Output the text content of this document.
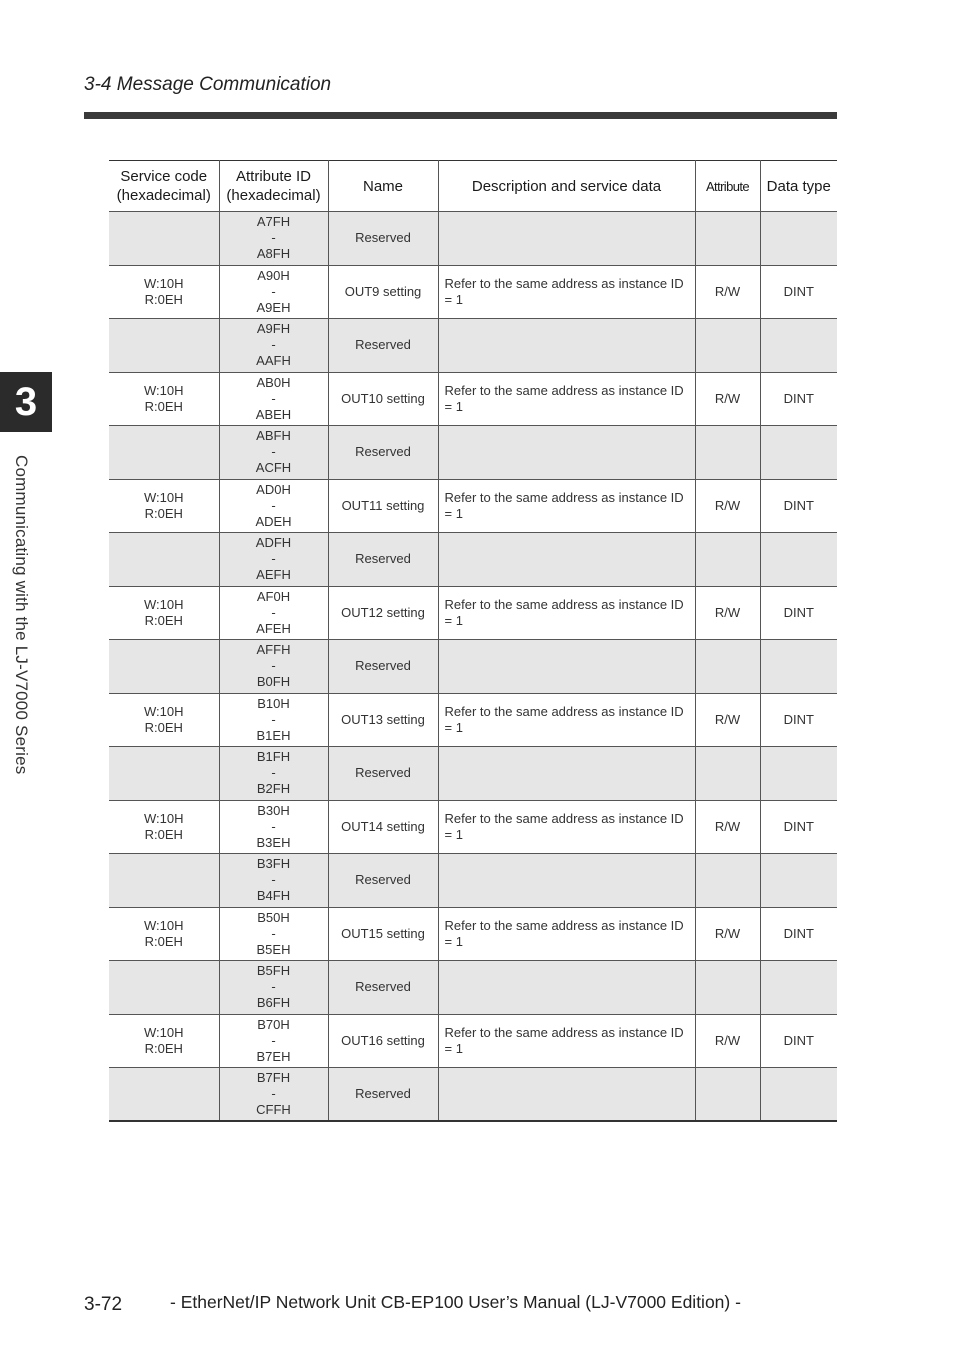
3-4 Message Communication
3
Communicating with the LJ-V7000 Series
Service code (hexadecimal)	Attribute ID (hexadecimal)	Name	Description and service data	Attribute	Data type
	A7FH
-
A8FH	Reserved			
W:10H
R:0EH	A90H
-
A9EH	OUT9 setting	Refer to the same address as instance ID = 1	R/W	DINT
	A9FH
-
AAFH	Reserved			
W:10H
R:0EH	AB0H
-
ABEH	OUT10 setting	Refer to the same address as instance ID = 1	R/W	DINT
	ABFH
-
ACFH	Reserved			
W:10H
R:0EH	AD0H
-
ADEH	OUT11 setting	Refer to the same address as instance ID = 1	R/W	DINT
	ADFH
-
AEFH	Reserved			
W:10H
R:0EH	AF0H
-
AFEH	OUT12 setting	Refer to the same address as instance ID = 1	R/W	DINT
	AFFH
-
B0FH	Reserved			
W:10H
R:0EH	B10H
-
B1EH	OUT13 setting	Refer to the same address as instance ID = 1	R/W	DINT
	B1FH
-
B2FH	Reserved			
W:10H
R:0EH	B30H
-
B3EH	OUT14 setting	Refer to the same address as instance ID = 1	R/W	DINT
	B3FH
-
B4FH	Reserved			
W:10H
R:0EH	B50H
-
B5EH	OUT15 setting	Refer to the same address as instance ID = 1	R/W	DINT
	B5FH
-
B6FH	Reserved			
W:10H
R:0EH	B70H
-
B7EH	OUT16 setting	Refer to the same address as instance ID = 1	R/W	DINT
	B7FH
-
CFFH	Reserved			
3-72	- EtherNet/IP Network Unit CB-EP100 User’s Manual (LJ-V7000 Edition) -
